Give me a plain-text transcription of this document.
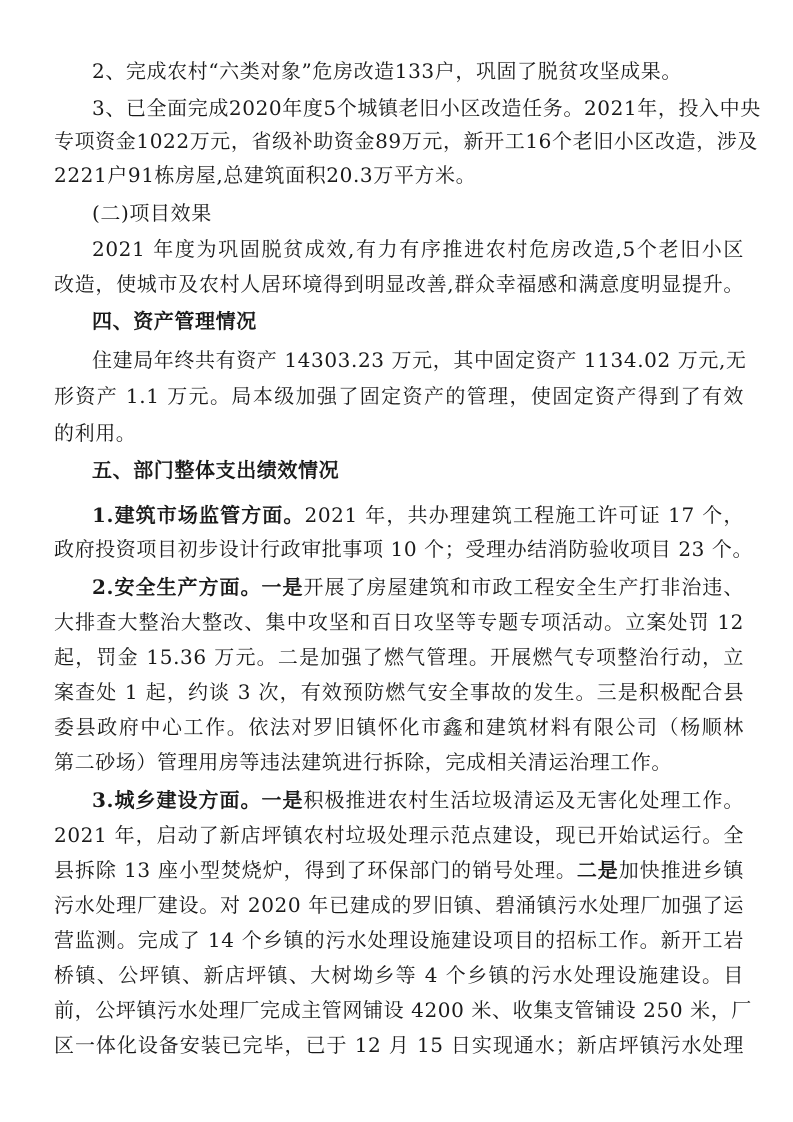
2、完成农村“六类对象”危房改造133户，巩固了脱贫攻坚成果。
3、已全面完成2020年度5个城镇老旧小区改造任务。2021年，投入中央
专项资金1022万元，省级补助资金89万元，新开工16个老旧小区改造，涉及
2221户91栋房屋,总建筑面积20.3万平方米。
(二)项目效果
2021 年度为巩固脱贫成效,有力有序推进农村危房改造,5个老旧小区
改造，使城市及农村人居环境得到明显改善,群众幸福感和满意度明显提升。
四、资产管理情况
住建局年终共有资产 14303.23 万元，其中固定资产 1134.02 万元,无
形资产 1.1 万元。局本级加强了固定资产的管理，使固定资产得到了有效
的利用。
五、部门整体支出绩效情况
1.建筑市场监管方面。2021 年，共办理建筑工程施工许可证 17 个，
政府投资项目初步设计行政审批事项 10 个；受理办结消防验收项目 23 个。
2.安全生产方面。一是开展了房屋建筑和市政工程安全生产打非治违、
大排查大整治大整改、集中攻坚和百日攻坚等专题专项活动。立案处罚 12
起，罚金 15.36 万元。二是加强了燃气管理。开展燃气专项整治行动，立
案查处 1 起，约谈 3 次，有效预防燃气安全事故的发生。三是积极配合县
委县政府中心工作。依法对罗旧镇怀化市鑫和建筑材料有限公司（杨顺林
第二砂场）管理用房等违法建筑进行拆除，完成相关清运治理工作。
3.城乡建设方面。一是积极推进农村生活垃圾清运及无害化处理工作。
2021 年，启动了新店坪镇农村垃圾处理示范点建设，现已开始试运行。全
县拆除 13 座小型焚烧炉，得到了环保部门的销号处理。二是加快推进乡镇
污水处理厂建设。对 2020 年已建成的罗旧镇、碧涌镇污水处理厂加强了运
营监测。完成了 14 个乡镇的污水处理设施建设项目的招标工作。新开工岩
桥镇、公坪镇、新店坪镇、大树坳乡等 4 个乡镇的污水处理设施建设。目
前，公坪镇污水处理厂完成主管网铺设 4200 米、收集支管铺设 250 米，厂
区一体化设备安装已完毕，已于 12 月 15 日实现通水；新店坪镇污水处理
